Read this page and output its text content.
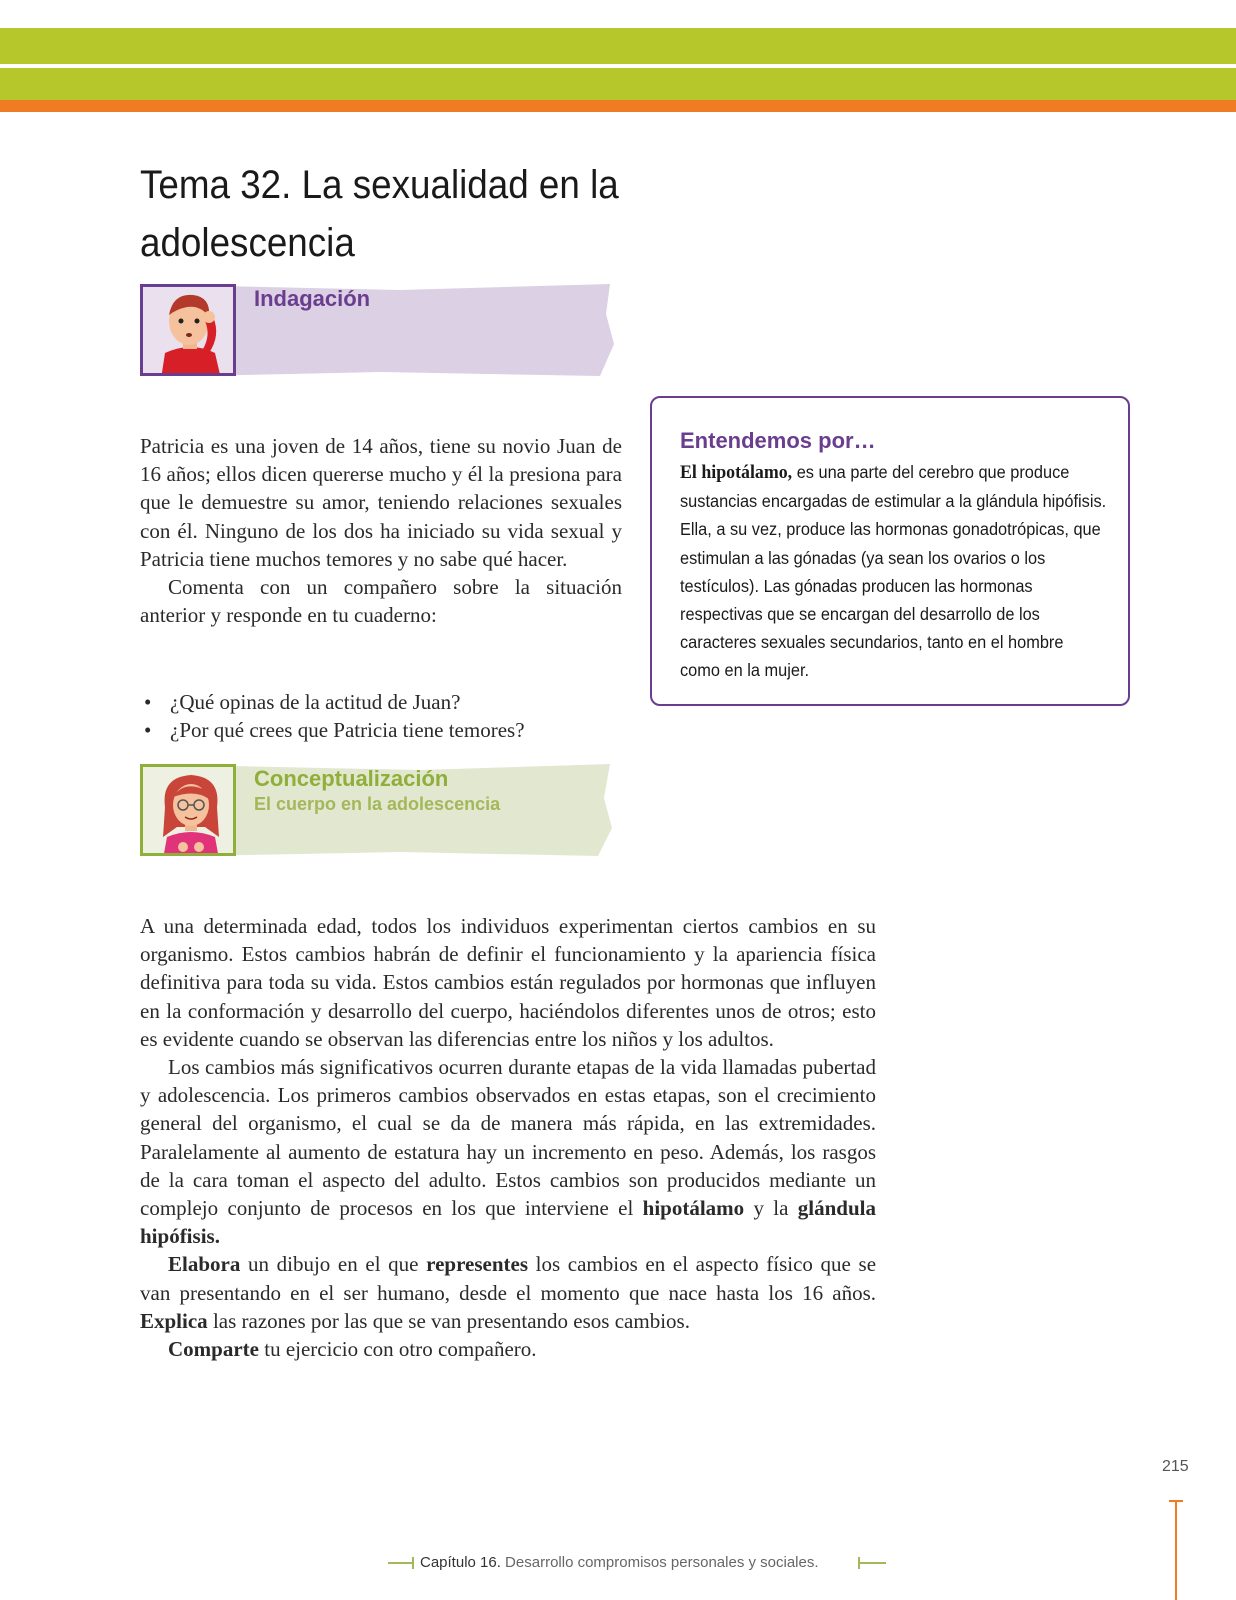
Tema 32. La sexualidad en la adolescencia
Indagación

Patricia es una joven de 14 años, tiene su novio Juan de 16 años; ellos dicen quererse mucho y él la presiona para que le demuestre su amor, teniendo relaciones sexuales con él. Ninguno de los dos ha iniciado su vida sexual y Patricia tiene muchos temores y no sabe qué hacer.

Comenta con un compañero sobre la situación anterior y responde en tu cuaderno:

• ¿Qué opinas de la actitud de Juan?
• ¿Por qué crees que Patricia tiene temores?

Entendemos por…

El hipotálamo, es una parte del cerebro que produce sustancias encargadas de estimular a la glándula hipófisis. Ella, a su vez, produce las hormonas gonadotrópicas, que estimulan a las gónadas (ya sean los ovarios o los testículos). Las gónadas producen las hormonas respectivas que se encargan del desarrollo de los caracteres sexuales secundarios, tanto en el hombre como en la mujer.

Conceptualización
El cuerpo en la adolescencia

A una determinada edad, todos los individuos experimentan ciertos cambios en su organismo. Estos cambios habrán de definir el funcionamiento y la apariencia física definitiva para toda su vida. Estos cambios están regulados por hormonas que influyen en la conformación y desarrollo del cuerpo, haciéndolos diferentes unos de otros; esto es evidente cuando se observan las diferencias entre los niños y los adultos.

Los cambios más significativos ocurren durante etapas de la vida llamadas pubertad y adolescencia. Los primeros cambios observados en estas etapas, son el crecimiento general del organismo, el cual se da de manera más rápida, en las extremidades. Paralelamente al aumento de estatura hay un incremento en peso. Además, los rasgos de la cara toman el aspecto del adulto. Estos cambios son producidos mediante un complejo conjunto de procesos en los que interviene el hipotálamo y la glándula hipófisis.

Elabora un dibujo en el que representes los cambios en el aspecto físico que se van presentando en el ser humano, desde el momento que nace hasta los 16 años. Explica las razones por las que se van presentando esos cambios.

Comparte tu ejercicio con otro compañero.

215
Capítulo 16. Desarrollo compromisos personales y sociales.
